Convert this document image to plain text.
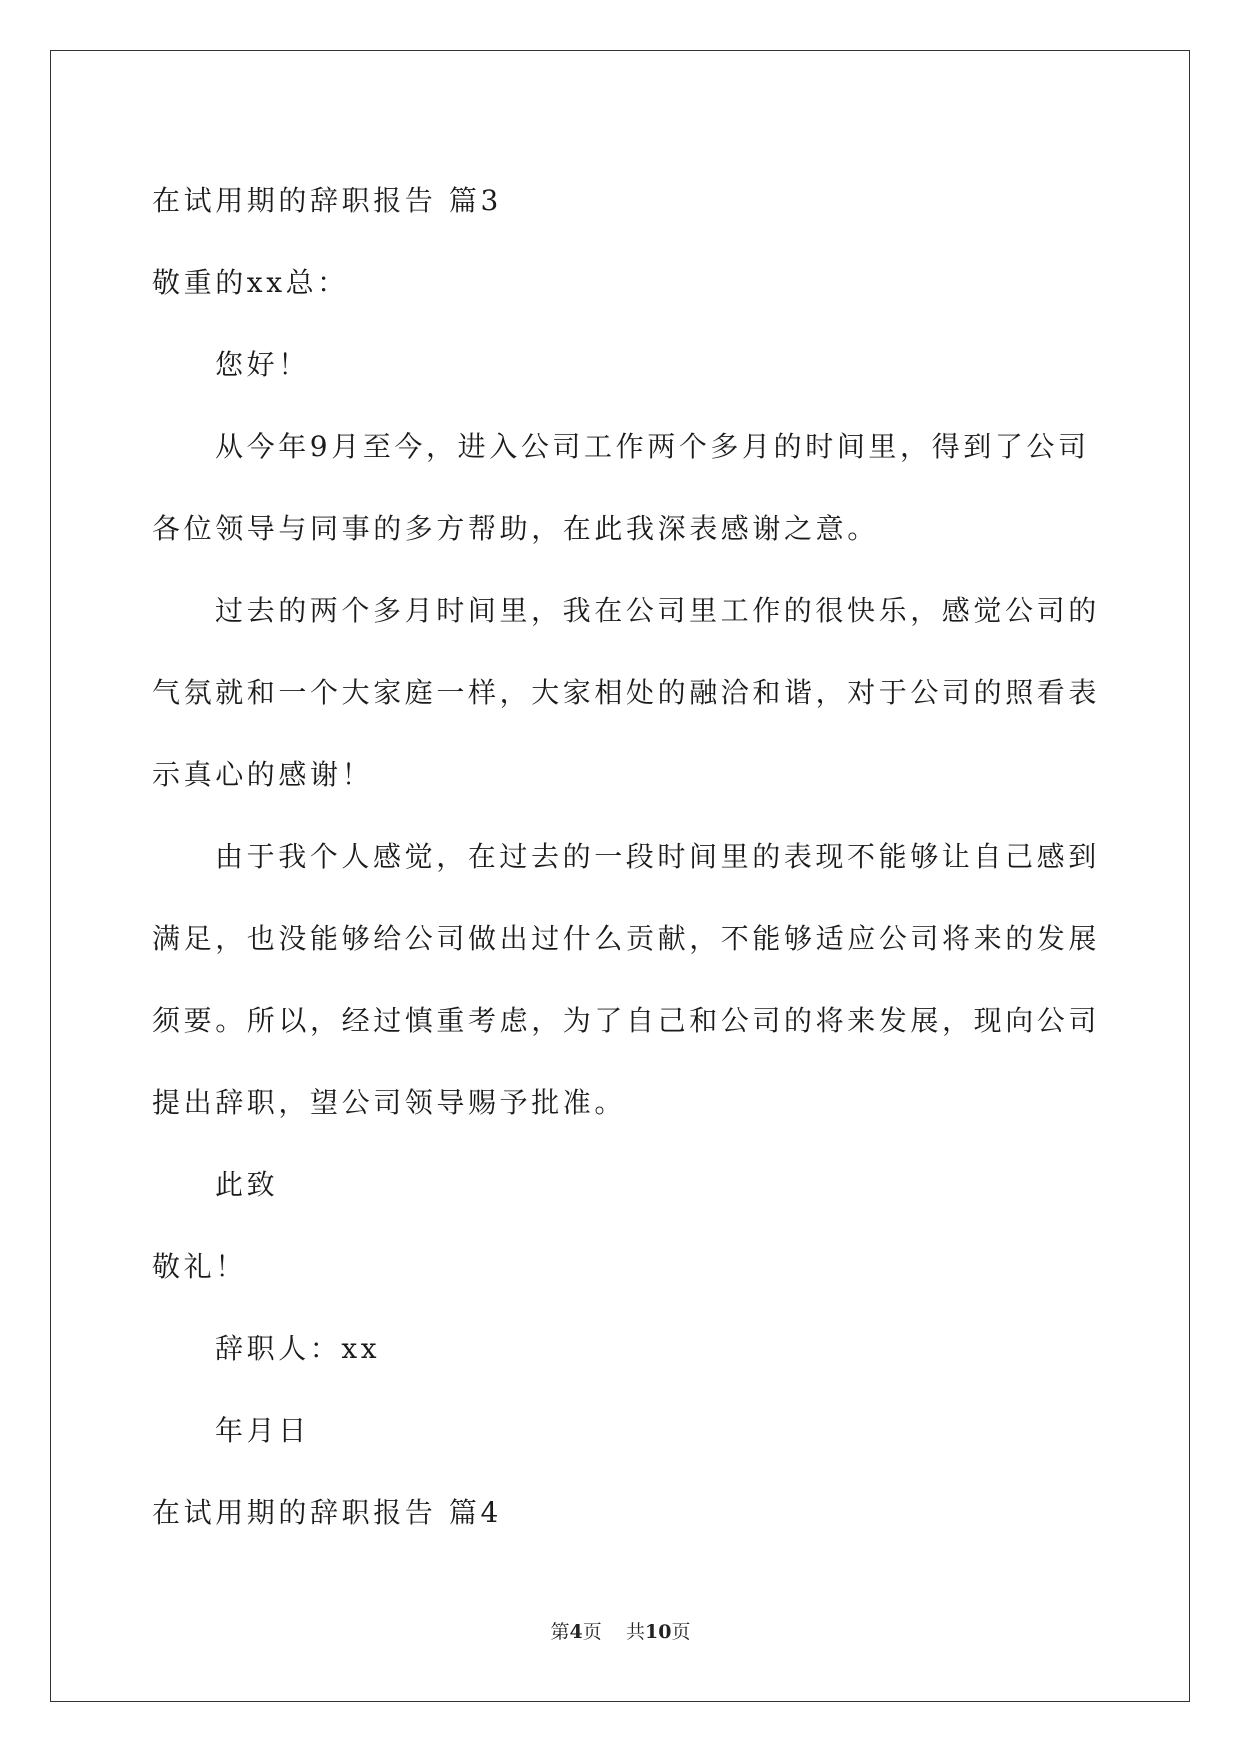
在试用期的辞职报告 篇3
敬重的xx总：
您好！
从今年9月至今，进入公司工作两个多月的时间里，得到了公司
各位领导与同事的多方帮助，在此我深表感谢之意。
过去的两个多月时间里，我在公司里工作的很快乐，感觉公司的
气氛就和一个大家庭一样，大家相处的融洽和谐，对于公司的照看表
示真心的感谢！
由于我个人感觉，在过去的一段时间里的表现不能够让自己感到
满足，也没能够给公司做出过什么贡献，不能够适应公司将来的发展
须要。所以，经过慎重考虑，为了自己和公司的将来发展，现向公司
提出辞职，望公司领导赐予批准。
此致
敬礼！
辞职人：xx
年月日
在试用期的辞职报告 篇4
第4页 共10页
